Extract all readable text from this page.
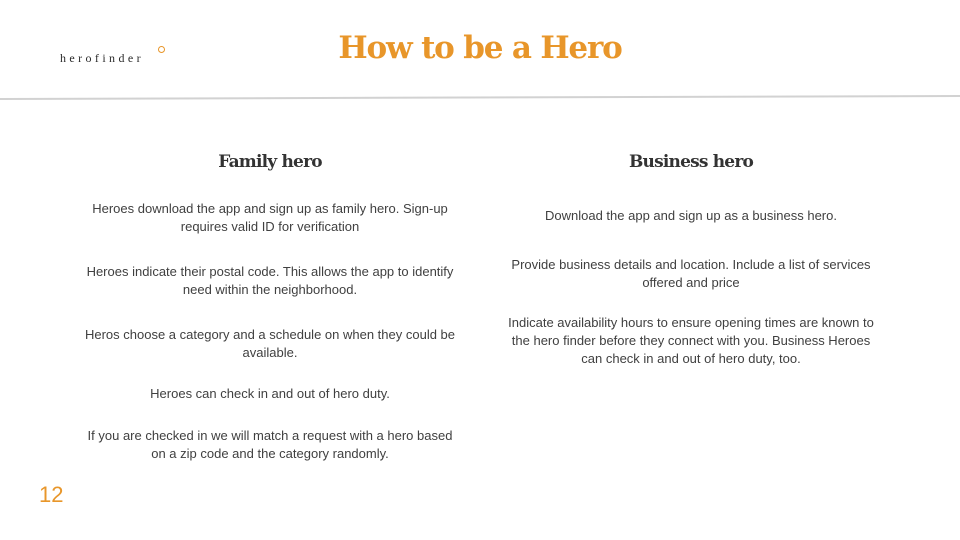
herofinder	How to be a Hero
Family hero

Heroes download the app and sign up as family hero. Sign-up requires valid ID for verification

Heroes indicate their postal code. This allows the app to identify need within the neighborhood.

Heros choose a category and a schedule on when they could be available.

Heroes can check in and out of hero duty.

If you are checked in we will match a request with a hero based on a zip code and the category randomly.

Business hero

Download the app and sign up as a business hero.

Provide business details and location. Include a list of services offered and price

Indicate availability hours to ensure opening times are known to the hero finder before they connect with you. Business Heroes can check in and out of hero duty, too.

12
